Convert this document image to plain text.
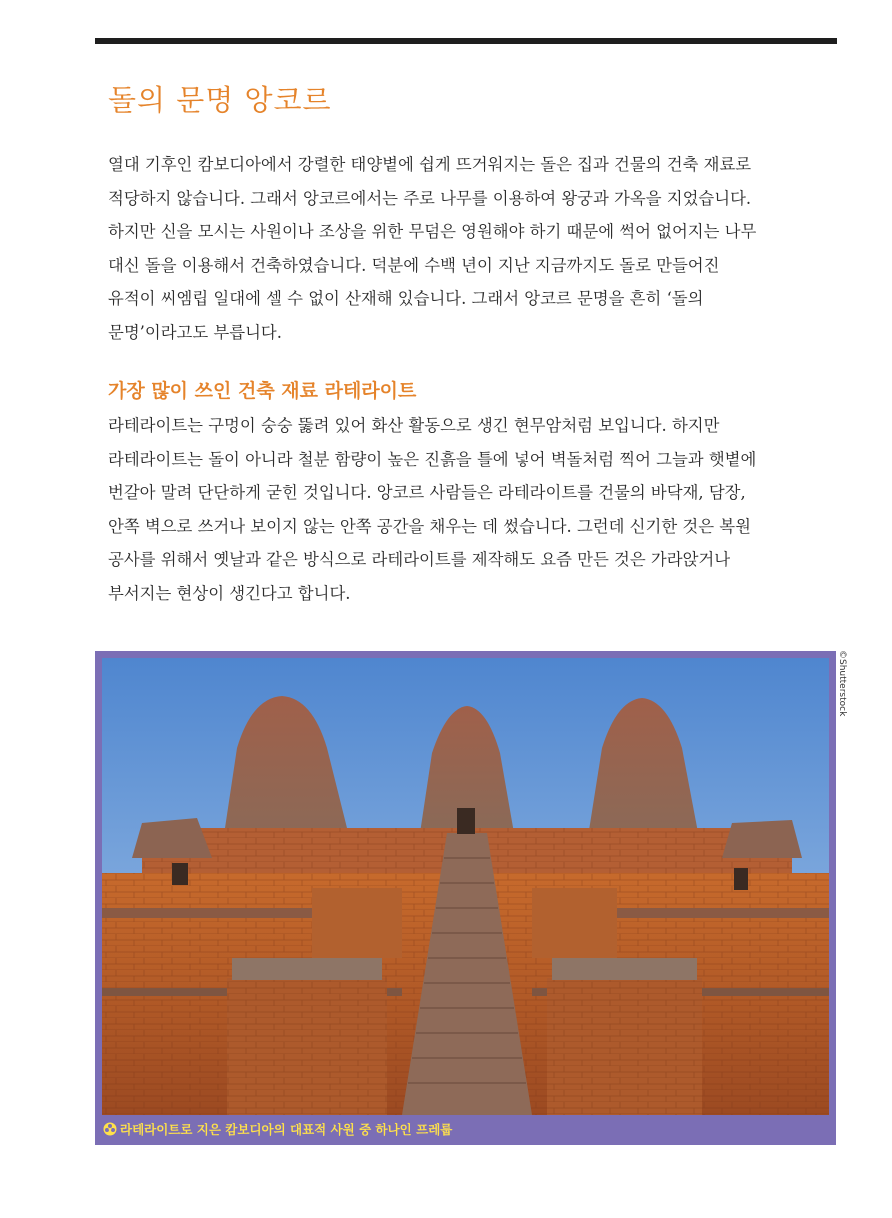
돌의 문명 앙코르
열대 기후인 캄보디아에서 강렬한 태양볕에 쉽게 뜨거워지는 돌은 집과 건물의 건축 재료로
적당하지 않습니다. 그래서 앙코르에서는 주로 나무를 이용하여 왕궁과 가옥을 지었습니다.
하지만 신을 모시는 사원이나 조상을 위한 무덤은 영원해야 하기 때문에 썩어 없어지는 나무
대신 돌을 이용해서 건축하였습니다. 덕분에 수백 년이 지난 지금까지도 돌로 만들어진
유적이 씨엠립 일대에 셀 수 없이 산재해 있습니다. 그래서 앙코르 문명을 흔히 ‘돌의
문명’이라고도 부릅니다.
가장 많이 쓰인 건축 재료 라테라이트
라테라이트는 구멍이 숭숭 뚫려 있어 화산 활동으로 생긴 현무암처럼 보입니다. 하지만
라테라이트는 돌이 아니라 철분 함량이 높은 진흙을 틀에 넣어 벽돌처럼 찍어 그늘과 햇볕에
번갈아 말려 단단하게 굳힌 것입니다. 앙코르 사람들은 라테라이트를 건물의 바닥재, 담장,
안쪽 벽으로 쓰거나 보이지 않는 안쪽 공간을 채우는 데 썼습니다. 그런데 신기한 것은 복원
공사를 위해서 옛날과 같은 방식으로 라테라이트를 제작해도 요즘 만든 것은 가라앉거나
부서지는 현상이 생긴다고 합니다.
©Shutterstock
라테라이트로 지은 캄보디아의 대표적 사원 중 하나인 프레룹
